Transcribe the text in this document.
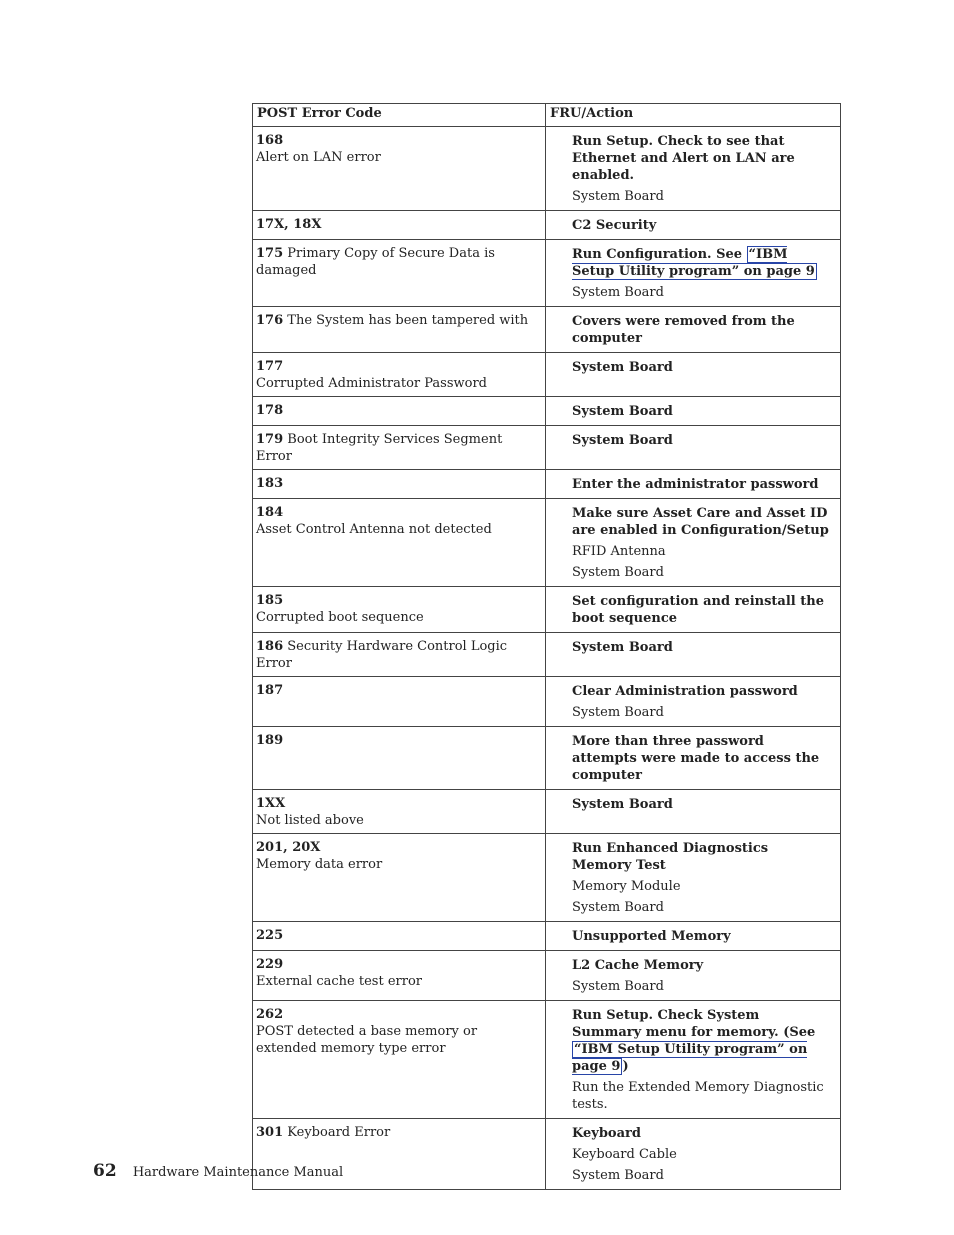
POST Error Code	FRU/Action
168
Alert on LAN error	Run Setup. Check to see that Ethernet and Alert on LAN are enabled.
System Board

17X, 18X	C2 Security

175 Primary Copy of Secure Data is damaged	Run Configuration. See “IBM Setup Utility program” on page 9
System Board

176 The System has been tampered with	Covers were removed from the computer

177
Corrupted Administrator Password	System Board

178	System Board

179 Boot Integrity Services Segment Error	System Board

183	Enter the administrator password

184
Asset Control Antenna not detected	Make sure Asset Care and Asset ID are enabled in Configuration/Setup
RFID Antenna
System Board

185
Corrupted boot sequence	Set configuration and reinstall the boot sequence

186 Security Hardware Control Logic Error	System Board

187	Clear Administration password
System Board

189	More than three password attempts were made to access the computer

1XX
Not listed above	System Board

201, 20X
Memory data error	Run Enhanced Diagnostics Memory Test
Memory Module
System Board

225	Unsupported Memory

229
External cache test error	L2 Cache Memory
System Board

262
POST detected a base memory or extended memory type error	Run Setup. Check System Summary menu for memory. (See “IBM Setup Utility program” on page 9 )
Run the Extended Memory Diagnostic tests.

301 Keyboard Error	Keyboard
Keyboard Cable
System Board
62 Hardware Maintenance Manual
